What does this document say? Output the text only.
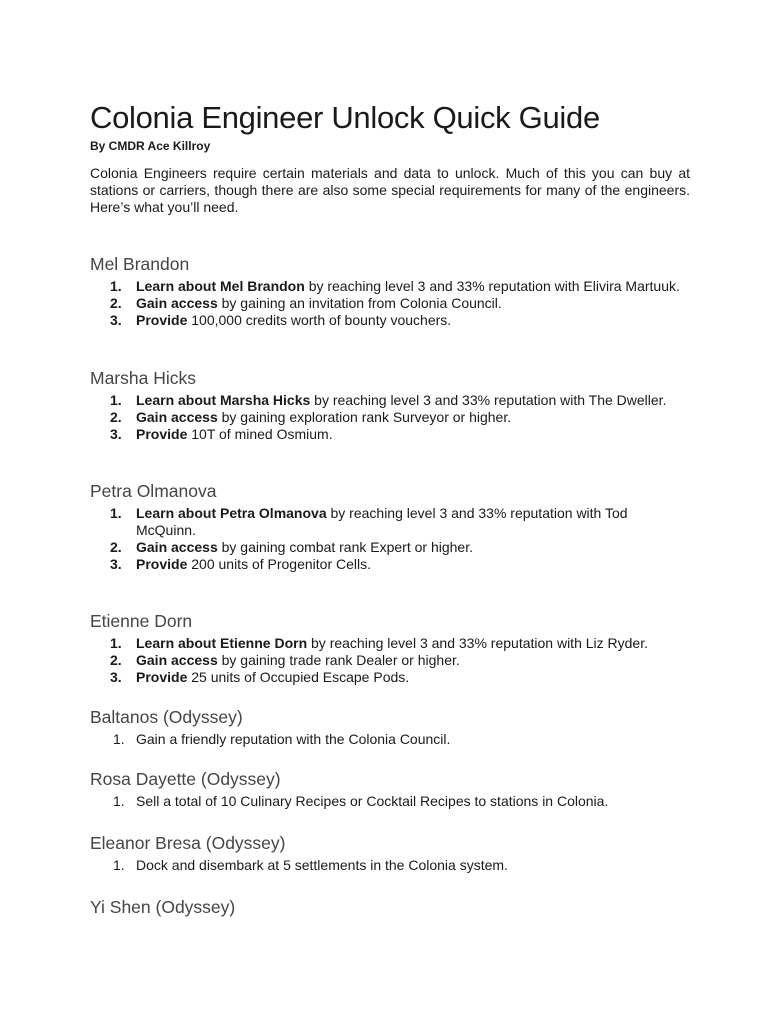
Colonia Engineer Unlock Quick Guide
By CMDR Ace Killroy

Colonia Engineers require certain materials and data to unlock. Much of this you can buy at stations or carriers, though there are also some special requirements for many of the engineers. Here’s what you’ll need.

Mel Brandon
1.	Learn about Mel Brandon by reaching level 3 and 33% reputation with Elivira Martuuk.
2.	Gain access by gaining an invitation from Colonia Council.
3.	Provide 100,000 credits worth of bounty vouchers.
Marsha Hicks
1.	Learn about Marsha Hicks by reaching level 3 and 33% reputation with The Dweller.
2.	Gain access by gaining exploration rank Surveyor or higher.
3.	Provide 10T of mined Osmium.
Petra Olmanova
1.	Learn about Petra Olmanova by reaching level 3 and 33% reputation with Tod McQuinn.
2.	Gain access by gaining combat rank Expert or higher.
3.	Provide 200 units of Progenitor Cells.
Etienne Dorn
1.	Learn about Etienne Dorn by reaching level 3 and 33% reputation with Liz Ryder.
2.	Gain access by gaining trade rank Dealer or higher.
3.	Provide 25 units of Occupied Escape Pods.
Baltanos (Odyssey)
1. Gain a friendly reputation with the Colonia Council.
Rosa Dayette (Odyssey)
1. Sell a total of 10 Culinary Recipes or Cocktail Recipes to stations in Colonia.
Eleanor Bresa (Odyssey)
1. Dock and disembark at 5 settlements in the Colonia system.
Yi Shen (Odyssey)
